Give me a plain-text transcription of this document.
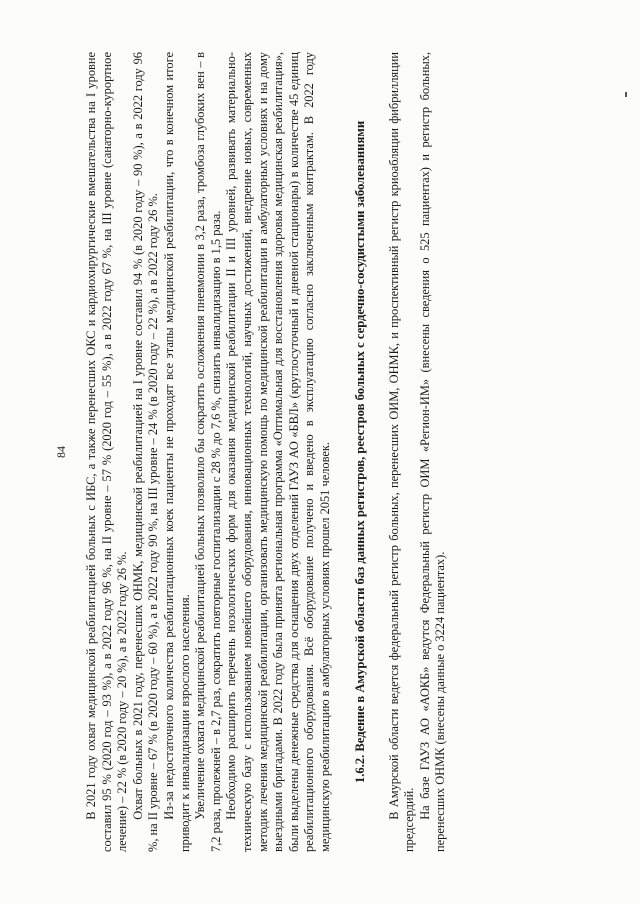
84 В 2021 году охват медицинской реабилитацией больных с ИБС, а также перенесших ОКС и кардиохирургические вмешательства на I уровне составил 95 % (2020 год – 93 %), а в 2022 году 96 %, на II уровне – 57 % (2020 год – 55 %), а в 2022 году 67 %, на III уровне (санаторно-курортное лечение) – 22 % (в 2020 году – 20 %), а в 2022 году 26 %. Охват больных в 2021 году, перенесших ОНМК, медицинской реабилитацией на I уровне составил 94 % (в 2020 году – 90 %), а в 2022 году 96 %, на II уровне – 67 % (в 2020 году – 60 %), а в 2022 году 90 %, на III уровне – 24 % (в 2020 году – 22 %), а в 2022 году 26 %. Из-за недостаточного количества реабилитационных коек пациенты не проходят все этапы медицинской реабилитации, что в конечном итоге приводит к инвалидизации взрослого населения. Увеличение охвата медицинской реабилитацией больных позволило бы сократить осложнения пневмонии в 3,2 раза, тромбоза глубоких вен – в 7,2 раза, пролежней – в 2,7 раз, сократить повторные госпитализации с 28 % до 7,6 %, снизить инвалидизацию в 1,5 раза. Необходимо расширить перечень нозологических форм для оказания медицинской реабилитации II и III уровней, развивать материально-техническую базу с использованием новейшего оборудования, инновационных технологий, научных достижений, внедрение новых, современных методик лечения медицинской реабилитации, организовать медицинскую помощь по медицинской реабилитации в амбулаторных условиях и на дому выездными бригадами. В 2022 году была принята региональная программа «Оптимальная для восстановления здоровья медицинская реабилитация», были выделены денежные средства для оснащения двух отделений ГАУЗ АО «БВЛ» (круглосуточный и дневной стационары) в количестве 45 единиц реабилитационного оборудования. Всё оборудование получено и введено в эксплуатацию согласно заключенным контрактам. В 2022 году медицинскую реабилитацию в амбулаторных условиях прошел 2051 человек. 1.6.2. Ведение в Амурской области баз данных регистров, реестров больных с сердечно-сосудистыми заболеваниями В Амурской области ведется федеральный регистр больных, перенесших ОИМ, ОНМК, и проспективный регистр криоабляции фибрилляции предсердий.

На базе ГАУЗ АО «АОКБ» ведутся Федеральный регистр ОИМ «Регион-ИМ» (внесены сведения о 525 пациентах) и регистр больных, перенесших ОНМК (внесены данные о 3224 пациентах).
